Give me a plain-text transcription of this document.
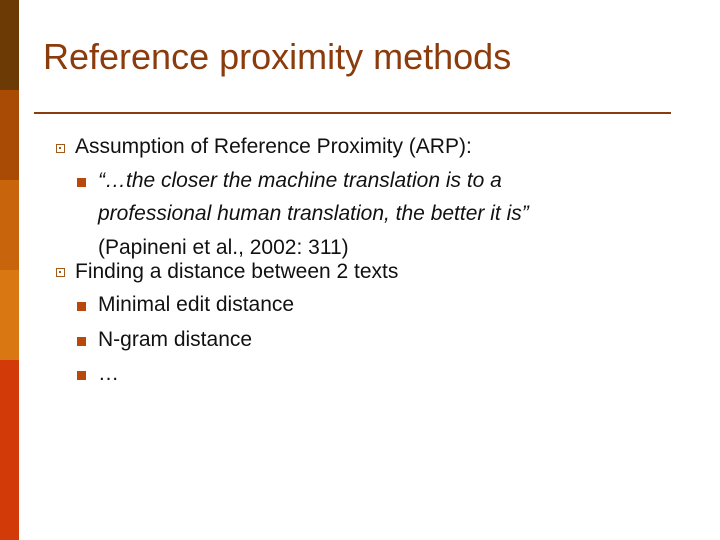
Reference proximity methods
Assumption of Reference Proximity (ARP):
“…the closer the machine translation is to a
professional human translation, the better it is”
(Papineni et al., 2002: 311)
Finding a distance between 2 texts
Minimal edit distance
N-gram distance
…
